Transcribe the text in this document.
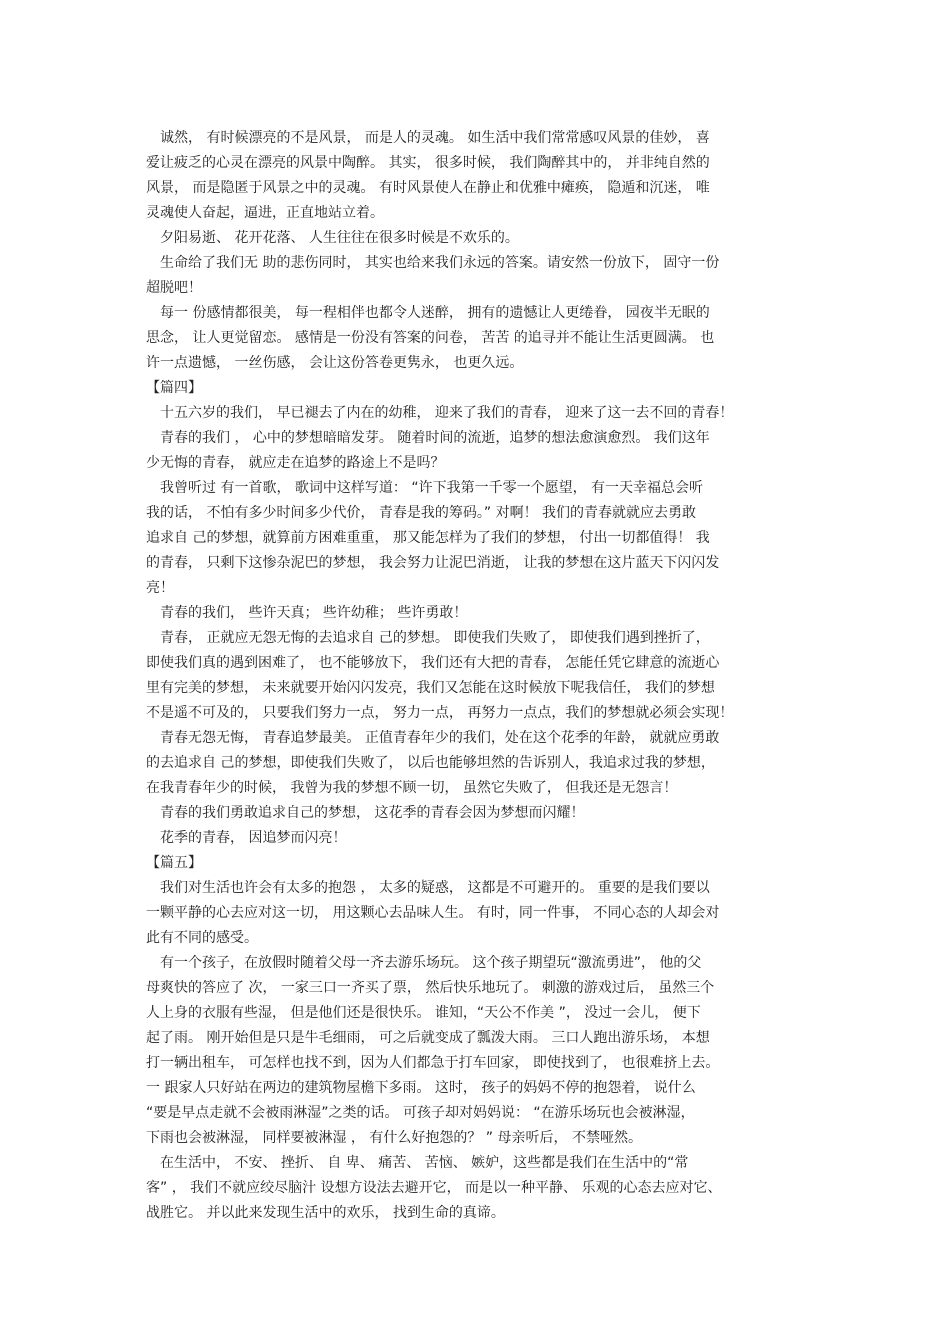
　诚然， 有时候漂亮的不是风景， 而是人的灵魂。 如生活中我们常常感叹风景的佳妙， 喜
爱让疲乏的心灵在漂亮的风景中陶醉。 其实， 很多时候， 我们陶醉其中的， 并非纯自然的
风景， 而是隐匿于风景之中的灵魂。 有时风景使人在静止和优雅中瘫痪， 隐遁和沉迷， 唯
灵魂使人奋起，逼进，正直地站立着。
　夕阳易逝、 花开花落、 人生往往在很多时候是不欢乐的。
　生命给了我们无 助的悲伤同时， 其实也给来我们永远的答案。请安然一份放下， 固守一份
超脱吧！
　每一 份感情都很美， 每一程相伴也都令人迷醉， 拥有的遗憾让人更绻眷， 园夜半无眠的
思念， 让人更觉留恋。 感情是一份没有答案的问卷， 苦苦 的追寻并不能让生活更圆满。 也
许一点遗憾， 一丝伤感， 会让这份答卷更隽永， 也更久远。
【篇四】
　十五六岁的我们， 早已褪去了内在的幼稚， 迎来了我们的青春， 迎来了这一去不回的青春！
　青春的我们 ， 心中的梦想暗暗发芽。 随着时间的流逝，追梦的想法愈演愈烈。 我们这年
少无悔的青春， 就应走在追梦的路途上不是吗？
　我曾听过 有一首歌， 歌词中这样写道： “许下我第一千零一个愿望， 有一天幸福总会听
我的话， 不怕有多少时间多少代价， 青春是我的筹码。” 对啊！ 我们的青春就就应去勇敢
追求自 己的梦想，就算前方困难重重， 那又能怎样为了我们的梦想， 付出一切都值得！ 我
的青春， 只剩下这惨杂泥巴的梦想， 我会努力让泥巴消逝， 让我的梦想在这片蓝天下闪闪发
亮！
　青春的我们， 些许天真； 些许幼稚； 些许勇敢！
　青春， 正就应无怨无悔的去追求自 己的梦想。 即使我们失败了， 即使我们遇到挫折了，
即使我们真的遇到困难了， 也不能够放下， 我们还有大把的青春， 怎能任凭它肆意的流逝心
里有完美的梦想， 未来就要开始闪闪发亮，我们又怎能在这时候放下呢我信任， 我们的梦想
不是遥不可及的， 只要我们努力一点， 努力一点， 再努力一点点，我们的梦想就必须会实现！
　青春无怨无悔， 青春追梦最美。 正值青春年少的我们，处在这个花季的年龄， 就就应勇敢
的去追求自 己的梦想，即使我们失败了， 以后也能够坦然的告诉别人，我追求过我的梦想，
在我青春年少的时候， 我曾为我的梦想不顾一切， 虽然它失败了， 但我还是无怨言！
　青春的我们勇敢追求自己的梦想， 这花季的青春会因为梦想而闪耀！
　花季的青春， 因追梦而闪亮！
【篇五】
　我们对生活也许会有太多的抱怨 ， 太多的疑惑， 这都是不可避开的。 重要的是我们要以
一颗平静的心去应对这一切， 用这颗心去品味人生。 有时，同一件事， 不同心态的人却会对
此有不同的感受。
　有一个孩子，在放假时随着父母一齐去游乐场玩。 这个孩子期望玩“激流勇进”， 他的父
母爽快的答应了 次， 一家三口一齐买了票， 然后快乐地玩了。 刺激的游戏过后， 虽然三个
人上身的衣服有些湿， 但是他们还是很快乐。 谁知，“天公不作美 ”， 没过一会儿， 便下
起了雨。 刚开始但是只是牛毛细雨， 可之后就变成了瓢泼大雨。 三口人跑出游乐场， 本想
打一辆出租车， 可怎样也找不到，因为人们都急于打车回家， 即使找到了， 也很难挤上去。
一 跟家人只好站在两边的建筑物屋檐下多雨。 这时， 孩子的妈妈不停的抱怨着， 说什么
“要是早点走就不会被雨淋湿”之类的话。 可孩子却对妈妈说： “在游乐场玩也会被淋湿，
下雨也会被淋湿， 同样要被淋湿 ， 有什么好抱怨的？ ” 母亲听后， 不禁哑然。
　在生活中， 不安、 挫折、 自 卑、 痛苦、 苦恼、 嫉妒，这些都是我们在生活中的“常
客” ， 我们不就应绞尽脑汁 设想方设法去避开它， 而是以一种平静、 乐观的心态去应对它、
战胜它。 并以此来发现生活中的欢乐， 找到生命的真谛。
